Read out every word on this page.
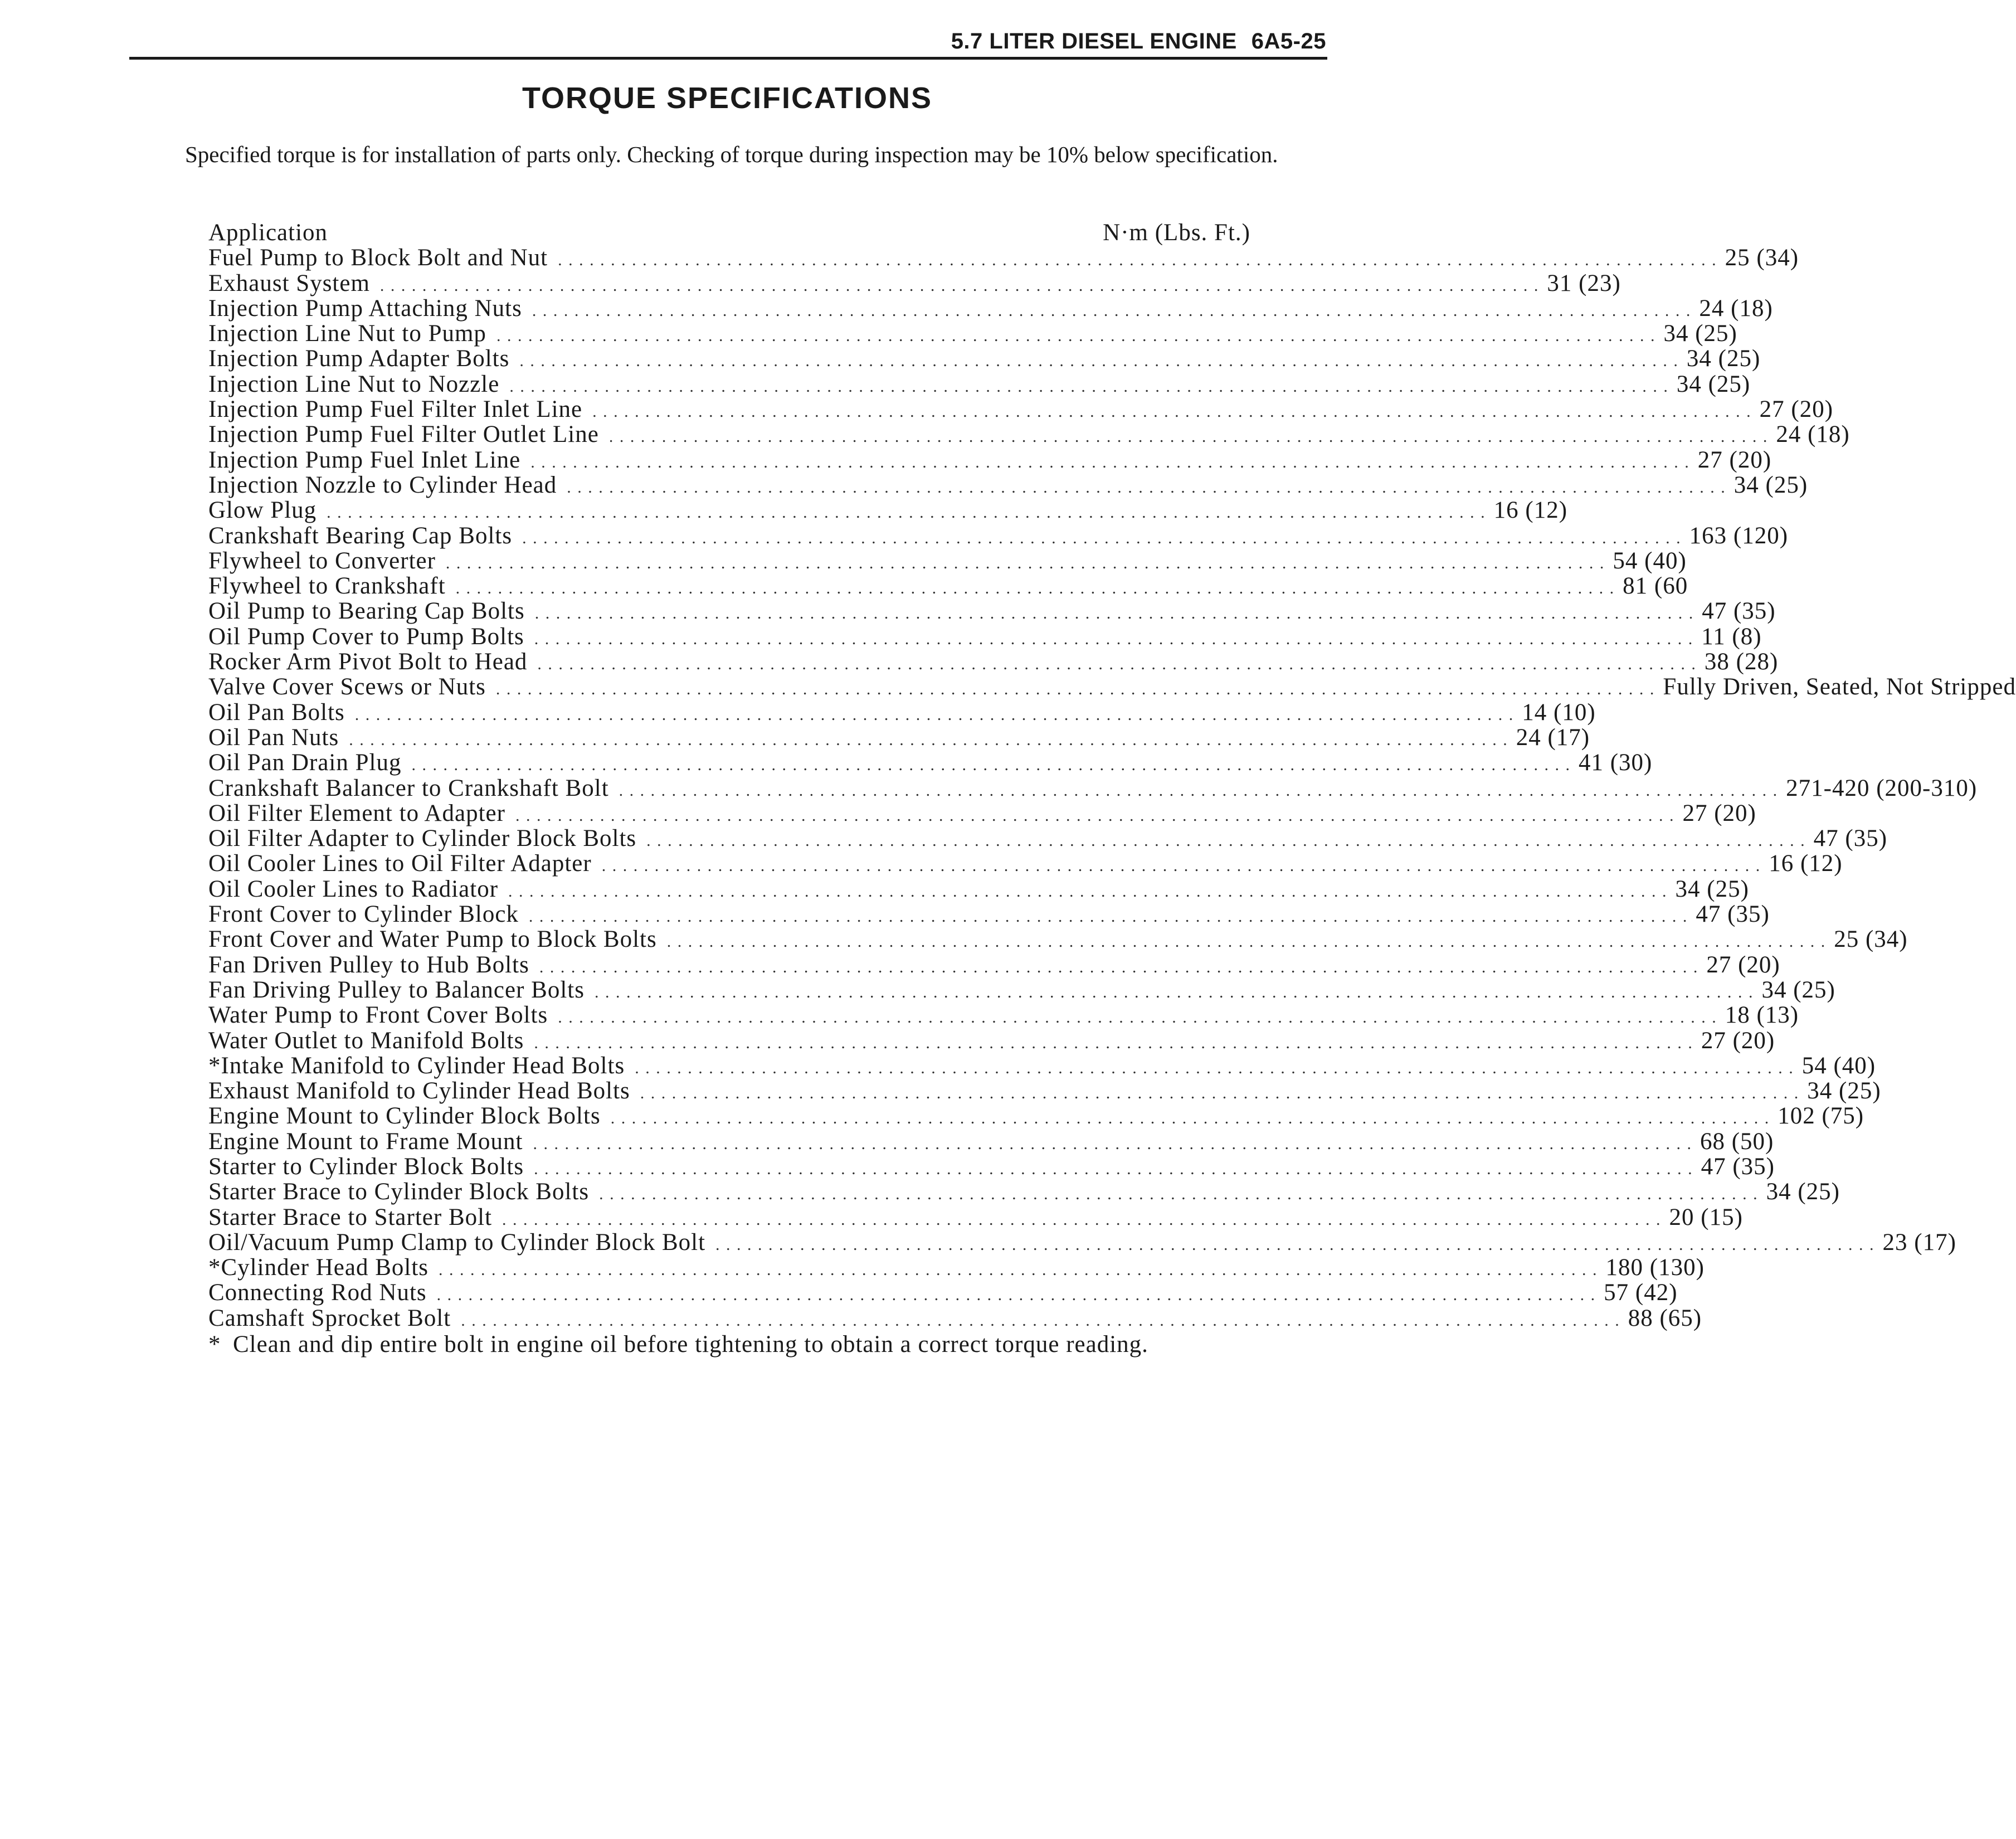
5.7 LITER DIESEL ENGINE 6A5-25
TORQUE SPECIFICATIONS

Specified torque is for installation of parts only. Checking of torque during inspection may be 10% below specification.

Application	N·m (Lbs. Ft.)
Fuel Pump to Block Bolt and Nut . . . . . . . . . . . . . . . . . . . . . . . . . . . . . . . . . . . . . . . . . . . . . . . . . . . . . . . . . . . . . . . . . . . . . . . . . . . . . . . . . . . . . . . . . . . . . . . . . . . . . . . . . . . . . . 25 (34)
Exhaust System . . . . . . . . . . . . . . . . . . . . . . . . . . . . . . . . . . . . . . . . . . . . . . . . . . . . . . . . . . . . . . . . . . . . . . . . . . . . . . . . . . . . . . . . . . . . . . . . . . . . . . . . . . . . . . 31 (23)
Injection Pump Attaching Nuts . . . . . . . . . . . . . . . . . . . . . . . . . . . . . . . . . . . . . . . . . . . . . . . . . . . . . . . . . . . . . . . . . . . . . . . . . . . . . . . . . . . . . . . . . . . . . . . . . . . . . . . . . . . . . . 24 (18)
Injection Line Nut to Pump . . . . . . . . . . . . . . . . . . . . . . . . . . . . . . . . . . . . . . . . . . . . . . . . . . . . . . . . . . . . . . . . . . . . . . . . . . . . . . . . . . . . . . . . . . . . . . . . . . . . . . . . . . . . . . 34 (25)
Injection Pump Adapter Bolts . . . . . . . . . . . . . . . . . . . . . . . . . . . . . . . . . . . . . . . . . . . . . . . . . . . . . . . . . . . . . . . . . . . . . . . . . . . . . . . . . . . . . . . . . . . . . . . . . . . . . . . . . . . . . . 34 (25)
Injection Line Nut to Nozzle . . . . . . . . . . . . . . . . . . . . . . . . . . . . . . . . . . . . . . . . . . . . . . . . . . . . . . . . . . . . . . . . . . . . . . . . . . . . . . . . . . . . . . . . . . . . . . . . . . . . . . . . . . . . . . 34 (25)
Injection Pump Fuel Filter Inlet Line . . . . . . . . . . . . . . . . . . . . . . . . . . . . . . . . . . . . . . . . . . . . . . . . . . . . . . . . . . . . . . . . . . . . . . . . . . . . . . . . . . . . . . . . . . . . . . . . . . . . . . . . . . . . . . 27 (20)
Injection Pump Fuel Filter Outlet Line . . . . . . . . . . . . . . . . . . . . . . . . . . . . . . . . . . . . . . . . . . . . . . . . . . . . . . . . . . . . . . . . . . . . . . . . . . . . . . . . . . . . . . . . . . . . . . . . . . . . . . . . . . . . . . 24 (18)
Injection Pump Fuel Inlet Line . . . . . . . . . . . . . . . . . . . . . . . . . . . . . . . . . . . . . . . . . . . . . . . . . . . . . . . . . . . . . . . . . . . . . . . . . . . . . . . . . . . . . . . . . . . . . . . . . . . . . . . . . . . . . . 27 (20)
Injection Nozzle to Cylinder Head . . . . . . . . . . . . . . . . . . . . . . . . . . . . . . . . . . . . . . . . . . . . . . . . . . . . . . . . . . . . . . . . . . . . . . . . . . . . . . . . . . . . . . . . . . . . . . . . . . . . . . . . . . . . . . 34 (25)
Glow Plug . . . . . . . . . . . . . . . . . . . . . . . . . . . . . . . . . . . . . . . . . . . . . . . . . . . . . . . . . . . . . . . . . . . . . . . . . . . . . . . . . . . . . . . . . . . . . . . . . . . . . . . . . . . . . . 16 (12)
Crankshaft Bearing Cap Bolts . . . . . . . . . . . . . . . . . . . . . . . . . . . . . . . . . . . . . . . . . . . . . . . . . . . . . . . . . . . . . . . . . . . . . . . . . . . . . . . . . . . . . . . . . . . . . . . . . . . . . . . . . . . . . . 163 (120)
Flywheel to Converter . . . . . . . . . . . . . . . . . . . . . . . . . . . . . . . . . . . . . . . . . . . . . . . . . . . . . . . . . . . . . . . . . . . . . . . . . . . . . . . . . . . . . . . . . . . . . . . . . . . . . . . . . . . . . . 54 (40)
Flywheel to Crankshaft . . . . . . . . . . . . . . . . . . . . . . . . . . . . . . . . . . . . . . . . . . . . . . . . . . . . . . . . . . . . . . . . . . . . . . . . . . . . . . . . . . . . . . . . . . . . . . . . . . . . . . . . . . . . . . 81 (60
Oil Pump to Bearing Cap Bolts . . . . . . . . . . . . . . . . . . . . . . . . . . . . . . . . . . . . . . . . . . . . . . . . . . . . . . . . . . . . . . . . . . . . . . . . . . . . . . . . . . . . . . . . . . . . . . . . . . . . . . . . . . . . . . 47 (35)
Oil Pump Cover to Pump Bolts . . . . . . . . . . . . . . . . . . . . . . . . . . . . . . . . . . . . . . . . . . . . . . . . . . . . . . . . . . . . . . . . . . . . . . . . . . . . . . . . . . . . . . . . . . . . . . . . . . . . . . . . . . . . . . 11 (8)
Rocker Arm Pivot Bolt to Head . . . . . . . . . . . . . . . . . . . . . . . . . . . . . . . . . . . . . . . . . . . . . . . . . . . . . . . . . . . . . . . . . . . . . . . . . . . . . . . . . . . . . . . . . . . . . . . . . . . . . . . . . . . . . . 38 (28)
Valve Cover Scews or Nuts . . . . . . . . . . . . . . . . . . . . . . . . . . . . . . . . . . . . . . . . . . . . . . . . . . . . . . . . . . . . . . . . . . . . . . . . . . . . . . . . . . . . . . . . . . . . . . . . . . . . . . . . . . . . . . Fully Driven, Seated, Not Stripped
Oil Pan Bolts . . . . . . . . . . . . . . . . . . . . . . . . . . . . . . . . . . . . . . . . . . . . . . . . . . . . . . . . . . . . . . . . . . . . . . . . . . . . . . . . . . . . . . . . . . . . . . . . . . . . . . . . . . . . . . 14 (10)
Oil Pan Nuts . . . . . . . . . . . . . . . . . . . . . . . . . . . . . . . . . . . . . . . . . . . . . . . . . . . . . . . . . . . . . . . . . . . . . . . . . . . . . . . . . . . . . . . . . . . . . . . . . . . . . . . . . . . . . . 24 (17)
Oil Pan Drain Plug . . . . . . . . . . . . . . . . . . . . . . . . . . . . . . . . . . . . . . . . . . . . . . . . . . . . . . . . . . . . . . . . . . . . . . . . . . . . . . . . . . . . . . . . . . . . . . . . . . . . . . . . . . . . . . 41 (30)
Crankshaft Balancer to Crankshaft Bolt . . . . . . . . . . . . . . . . . . . . . . . . . . . . . . . . . . . . . . . . . . . . . . . . . . . . . . . . . . . . . . . . . . . . . . . . . . . . . . . . . . . . . . . . . . . . . . . . . . . . . . . . . . . . . . 271-420 (200-310)
Oil Filter Element to Adapter . . . . . . . . . . . . . . . . . . . . . . . . . . . . . . . . . . . . . . . . . . . . . . . . . . . . . . . . . . . . . . . . . . . . . . . . . . . . . . . . . . . . . . . . . . . . . . . . . . . . . . . . . . . . . . 27 (20)
Oil Filter Adapter to Cylinder Block Bolts . . . . . . . . . . . . . . . . . . . . . . . . . . . . . . . . . . . . . . . . . . . . . . . . . . . . . . . . . . . . . . . . . . . . . . . . . . . . . . . . . . . . . . . . . . . . . . . . . . . . . . . . . . . . . . 47 (35)
Oil Cooler Lines to Oil Filter Adapter . . . . . . . . . . . . . . . . . . . . . . . . . . . . . . . . . . . . . . . . . . . . . . . . . . . . . . . . . . . . . . . . . . . . . . . . . . . . . . . . . . . . . . . . . . . . . . . . . . . . . . . . . . . . . . 16 (12)
Oil Cooler Lines to Radiator . . . . . . . . . . . . . . . . . . . . . . . . . . . . . . . . . . . . . . . . . . . . . . . . . . . . . . . . . . . . . . . . . . . . . . . . . . . . . . . . . . . . . . . . . . . . . . . . . . . . . . . . . . . . . . 34 (25)
Front Cover to Cylinder Block . . . . . . . . . . . . . . . . . . . . . . . . . . . . . . . . . . . . . . . . . . . . . . . . . . . . . . . . . . . . . . . . . . . . . . . . . . . . . . . . . . . . . . . . . . . . . . . . . . . . . . . . . . . . . . 47 (35)
Front Cover and Water Pump to Block Bolts . . . . . . . . . . . . . . . . . . . . . . . . . . . . . . . . . . . . . . . . . . . . . . . . . . . . . . . . . . . . . . . . . . . . . . . . . . . . . . . . . . . . . . . . . . . . . . . . . . . . . . . . . . . . . . 25 (34)
Fan Driven Pulley to Hub Bolts . . . . . . . . . . . . . . . . . . . . . . . . . . . . . . . . . . . . . . . . . . . . . . . . . . . . . . . . . . . . . . . . . . . . . . . . . . . . . . . . . . . . . . . . . . . . . . . . . . . . . . . . . . . . . . 27 (20)
Fan Driving Pulley to Balancer Bolts . . . . . . . . . . . . . . . . . . . . . . . . . . . . . . . . . . . . . . . . . . . . . . . . . . . . . . . . . . . . . . . . . . . . . . . . . . . . . . . . . . . . . . . . . . . . . . . . . . . . . . . . . . . . . . 34 (25)
Water Pump to Front Cover Bolts . . . . . . . . . . . . . . . . . . . . . . . . . . . . . . . . . . . . . . . . . . . . . . . . . . . . . . . . . . . . . . . . . . . . . . . . . . . . . . . . . . . . . . . . . . . . . . . . . . . . . . . . . . . . . . 18 (13)
Water Outlet to Manifold Bolts . . . . . . . . . . . . . . . . . . . . . . . . . . . . . . . . . . . . . . . . . . . . . . . . . . . . . . . . . . . . . . . . . . . . . . . . . . . . . . . . . . . . . . . . . . . . . . . . . . . . . . . . . . . . . . 27 (20)
*Intake Manifold to Cylinder Head Bolts . . . . . . . . . . . . . . . . . . . . . . . . . . . . . . . . . . . . . . . . . . . . . . . . . . . . . . . . . . . . . . . . . . . . . . . . . . . . . . . . . . . . . . . . . . . . . . . . . . . . . . . . . . . . . . 54 (40)
Exhaust Manifold to Cylinder Head Bolts . . . . . . . . . . . . . . . . . . . . . . . . . . . . . . . . . . . . . . . . . . . . . . . . . . . . . . . . . . . . . . . . . . . . . . . . . . . . . . . . . . . . . . . . . . . . . . . . . . . . . . . . . . . . . . 34 (25)
Engine Mount to Cylinder Block Bolts . . . . . . . . . . . . . . . . . . . . . . . . . . . . . . . . . . . . . . . . . . . . . . . . . . . . . . . . . . . . . . . . . . . . . . . . . . . . . . . . . . . . . . . . . . . . . . . . . . . . . . . . . . . . . . 102 (75)
Engine Mount to Frame Mount . . . . . . . . . . . . . . . . . . . . . . . . . . . . . . . . . . . . . . . . . . . . . . . . . . . . . . . . . . . . . . . . . . . . . . . . . . . . . . . . . . . . . . . . . . . . . . . . . . . . . . . . . . . . . . 68 (50)
Starter to Cylinder Block Bolts . . . . . . . . . . . . . . . . . . . . . . . . . . . . . . . . . . . . . . . . . . . . . . . . . . . . . . . . . . . . . . . . . . . . . . . . . . . . . . . . . . . . . . . . . . . . . . . . . . . . . . . . . . . . . . 47 (35)
Starter Brace to Cylinder Block Bolts . . . . . . . . . . . . . . . . . . . . . . . . . . . . . . . . . . . . . . . . . . . . . . . . . . . . . . . . . . . . . . . . . . . . . . . . . . . . . . . . . . . . . . . . . . . . . . . . . . . . . . . . . . . . . . 34 (25)
Starter Brace to Starter Bolt . . . . . . . . . . . . . . . . . . . . . . . . . . . . . . . . . . . . . . . . . . . . . . . . . . . . . . . . . . . . . . . . . . . . . . . . . . . . . . . . . . . . . . . . . . . . . . . . . . . . . . . . . . . . . . 20 (15)
Oil/Vacuum Pump Clamp to Cylinder Block Bolt . . . . . . . . . . . . . . . . . . . . . . . . . . . . . . . . . . . . . . . . . . . . . . . . . . . . . . . . . . . . . . . . . . . . . . . . . . . . . . . . . . . . . . . . . . . . . . . . . . . . . . . . . . . . . . 23 (17)
*Cylinder Head Bolts . . . . . . . . . . . . . . . . . . . . . . . . . . . . . . . . . . . . . . . . . . . . . . . . . . . . . . . . . . . . . . . . . . . . . . . . . . . . . . . . . . . . . . . . . . . . . . . . . . . . . . . . . . . . . . 180 (130)
Connecting Rod Nuts . . . . . . . . . . . . . . . . . . . . . . . . . . . . . . . . . . . . . . . . . . . . . . . . . . . . . . . . . . . . . . . . . . . . . . . . . . . . . . . . . . . . . . . . . . . . . . . . . . . . . . . . . . . . . . 57 (42)
Camshaft Sprocket Bolt . . . . . . . . . . . . . . . . . . . . . . . . . . . . . . . . . . . . . . . . . . . . . . . . . . . . . . . . . . . . . . . . . . . . . . . . . . . . . . . . . . . . . . . . . . . . . . . . . . . . . . . . . . . . . . 88 (65)
* Clean and dip entire bolt in engine oil before tightening to obtain a correct torque reading.
